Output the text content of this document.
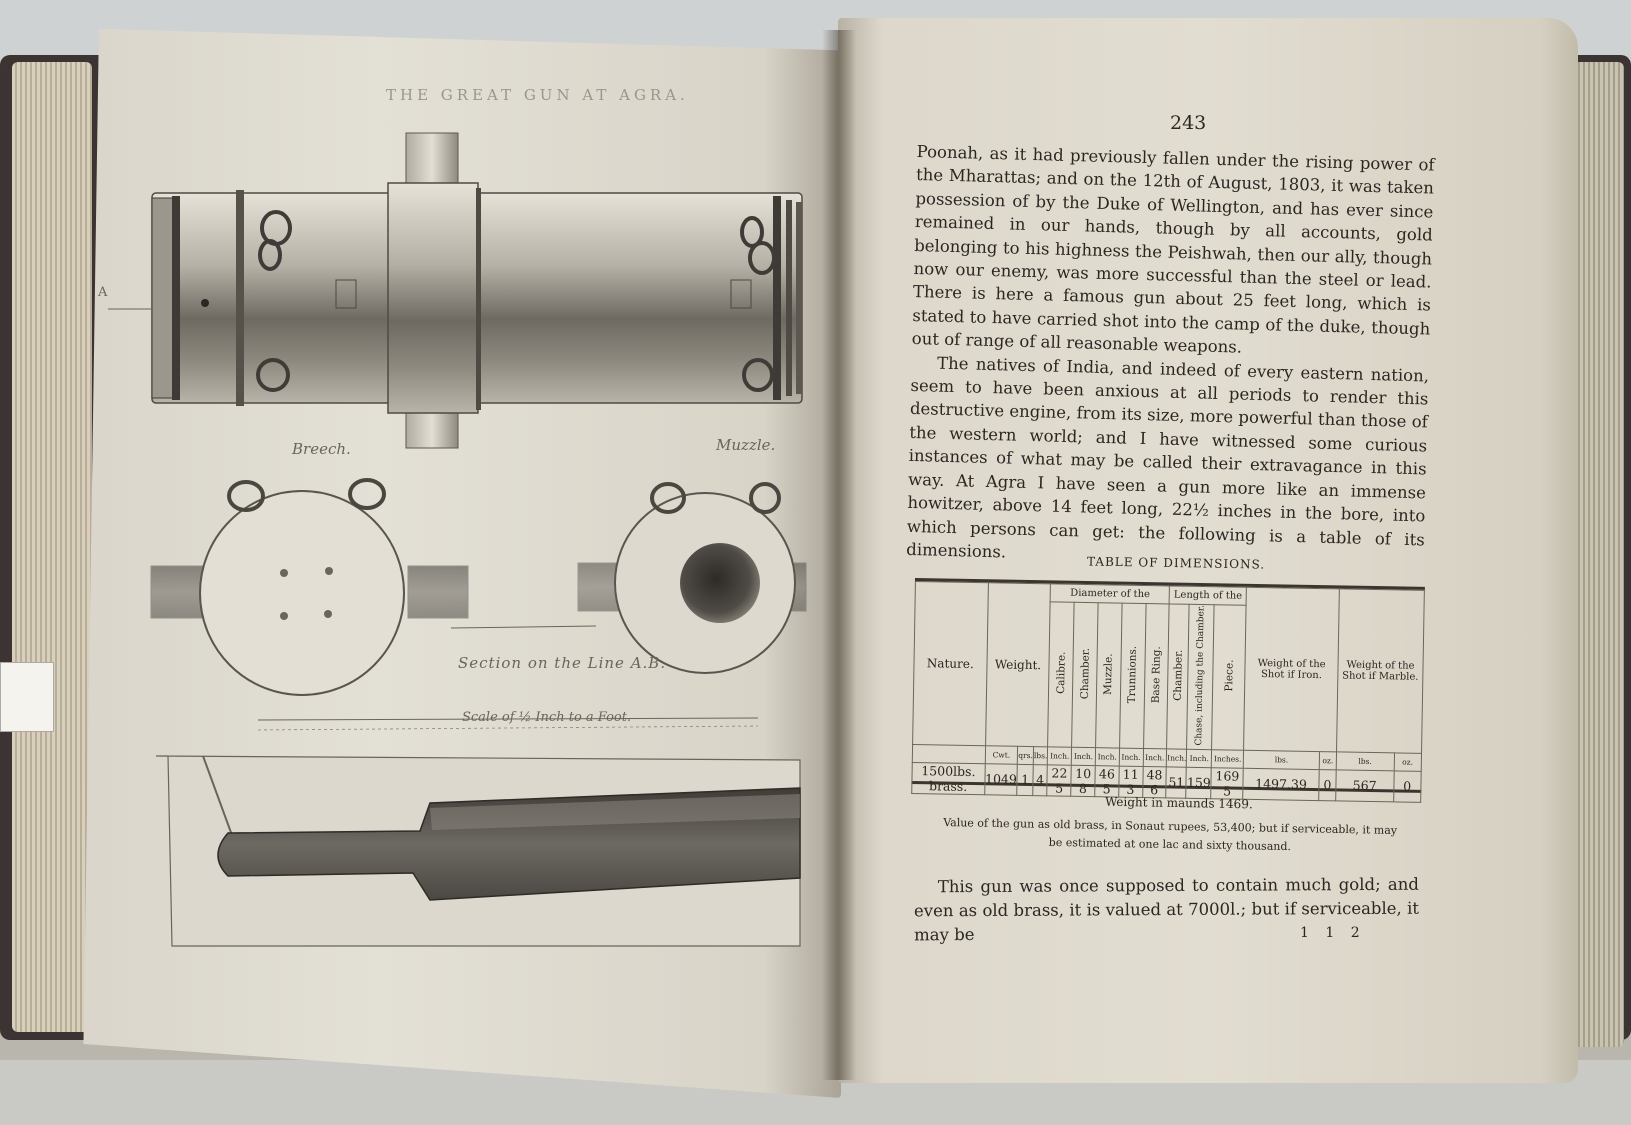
THE GREAT GUN AT AGRA.
A
Breech.	Muzzle.
Section on the Line A.B.
Scale of ½ Inch to a Foot.
243

Poonah, as it had previously fallen under the rising power of the Mharattas; and on the 12th of August, 1803, it was taken possession of by the Duke of Wellington, and has ever since remained in our hands, though by all accounts, gold belonging to his highness the Peishwah, then our ally, though now our enemy, was more successful than the steel or lead. There is here a famous gun about 25 feet long, which is stated to have carried shot into the camp of the duke, though out of range of all reasonable weapons.

The natives of India, and indeed of every eastern nation, seem to have been anxious at all periods to render this destructive engine, from its size, more powerful than those of the western world; and I have witnessed some curious instances of what may be called their extravagance in this way. At Agra I have seen a gun more like an immense howitzer, above 14 feet long, 22½ inches in the bore, into which persons can get: the following is a table of its dimensions.

TABLE OF DIMENSIONS.
Nature.	Weight.			Diameter of the					Length of the			Weight of the Shot if Iron.		Weight of the Shot if Marble.	
				Calibre.	Chamber.	Muzzle.	Trunnions.	Base Ring.	Chamber.	Chase, including the Chamber.	Piece.				
	Cwt.	qrs.	lbs.	Inch.	Inch.	Inch.	Inch.	Inch.	Inch.	Inch.	Inches.	lbs.	oz.	lbs.	oz.
1500lbs. brass.	1049	1	4	22 5	10 8	46 5	11 3	48 6	51	159	169 5	1497.39	0	567	0
Weight in maunds 1469.
Value of the gun as old brass, in Sonaut rupees, 53,400; but if serviceable, it may be estimated at one lac and sixty thousand.

This gun was once supposed to contain much gold; and even as old brass, it is valued at 7000l.; but if serviceable, it may be	1 1 2
